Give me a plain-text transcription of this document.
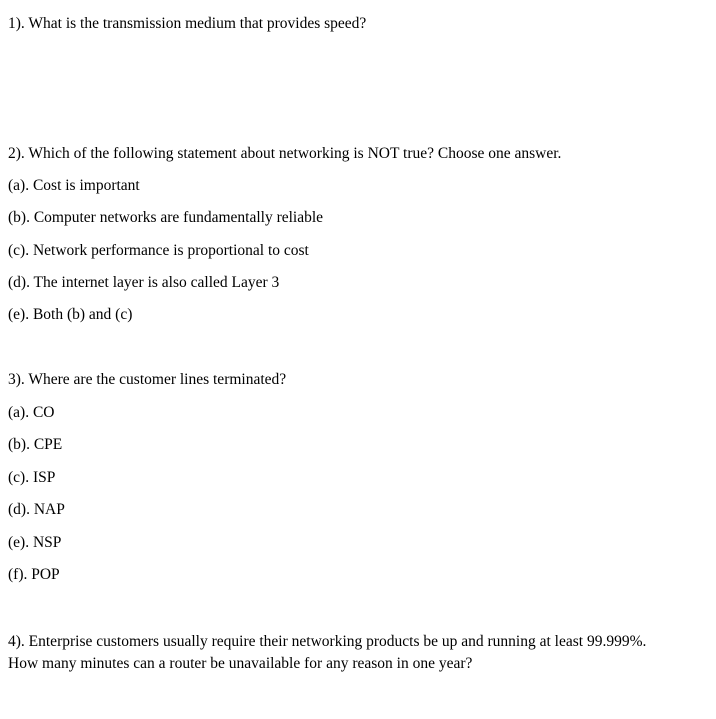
1). What is the transmission medium that provides speed?
2). Which of the following statement about networking is NOT true? Choose one answer.
(a). Cost is important
(b). Computer networks are fundamentally reliable
(c). Network performance is proportional to cost
(d). The internet layer is also called Layer 3
(e). Both (b) and (c)
3). Where are the customer lines terminated?
(a). CO
(b). CPE
(c). ISP
(d). NAP
(e). NSP
(f). POP
4). Enterprise customers usually require their networking products be up and running at least 99.999%.
How many minutes can a router be unavailable for any reason in one year?
